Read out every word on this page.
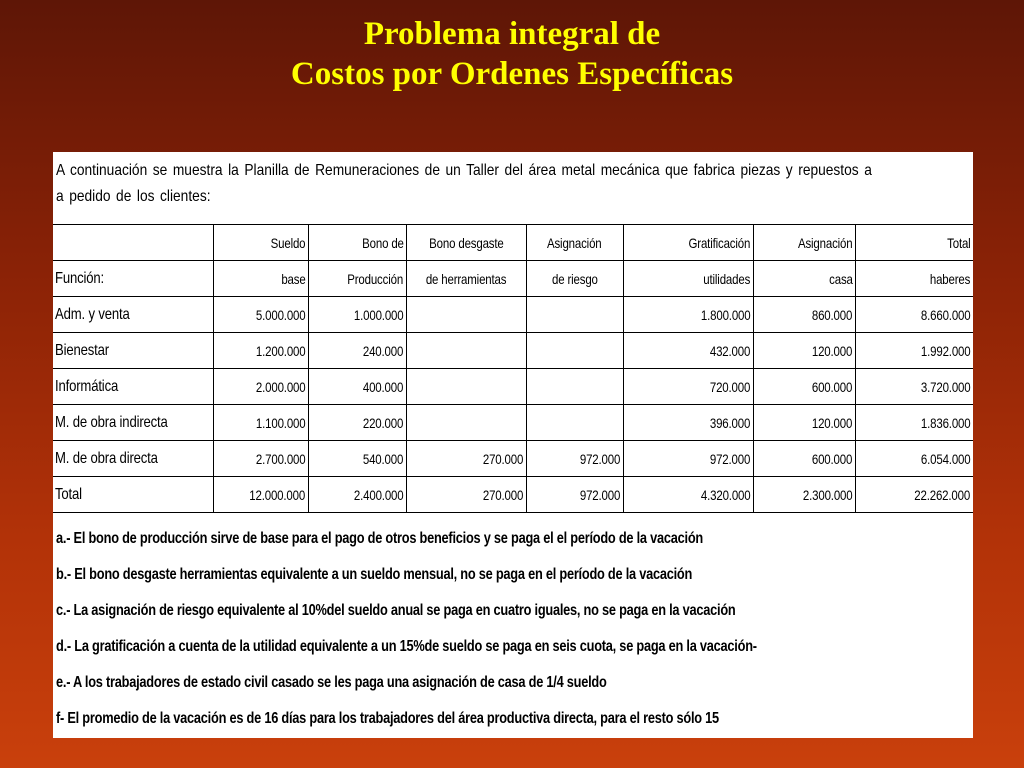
Problema integral de
Costos por Ordenes Específicas
A continuación se muestra la Planilla de Remuneraciones de un Taller del área metal mecánica que fabrica piezas y repuestos a
a pedido de los clientes:
	Sueldo	Bono de	Bono desgaste	Asignación	Gratificación	Asignación	Total
Función:	base	Producción	de herramientas	de riesgo	utilidades	casa	haberes
Adm. y venta	5.000.000	1.000.000			1.800.000	860.000	8.660.000
Bienestar	1.200.000	240.000			432.000	120.000	1.992.000
Informática	2.000.000	400.000			720.000	600.000	3.720.000
M. de obra indirecta	1.100.000	220.000			396.000	120.000	1.836.000
M. de obra directa	2.700.000	540.000	270.000	972.000	972.000	600.000	6.054.000
Total	12.000.000	2.400.000	270.000	972.000	4.320.000	2.300.000	22.262.000
a.- El bono de producción sirve de base para el pago de otros beneficios y se paga el el período de la vacación
b.- El bono desgaste herramientas equivalente a un sueldo mensual, no se paga en el período de la vacación
c.- La asignación de riesgo equivalente al 10%del sueldo anual se paga en cuatro iguales, no se paga en la vacación
d.- La gratificación a cuenta de la utilidad equivalente a un 15%de sueldo se paga en seis cuota, se paga en la vacación-
e.- A los trabajadores de estado civil casado se les paga una asignación de casa de 1/4 sueldo
f- El promedio de la vacación es de 16 días para los trabajadores del área productiva directa, para el resto sólo 15
